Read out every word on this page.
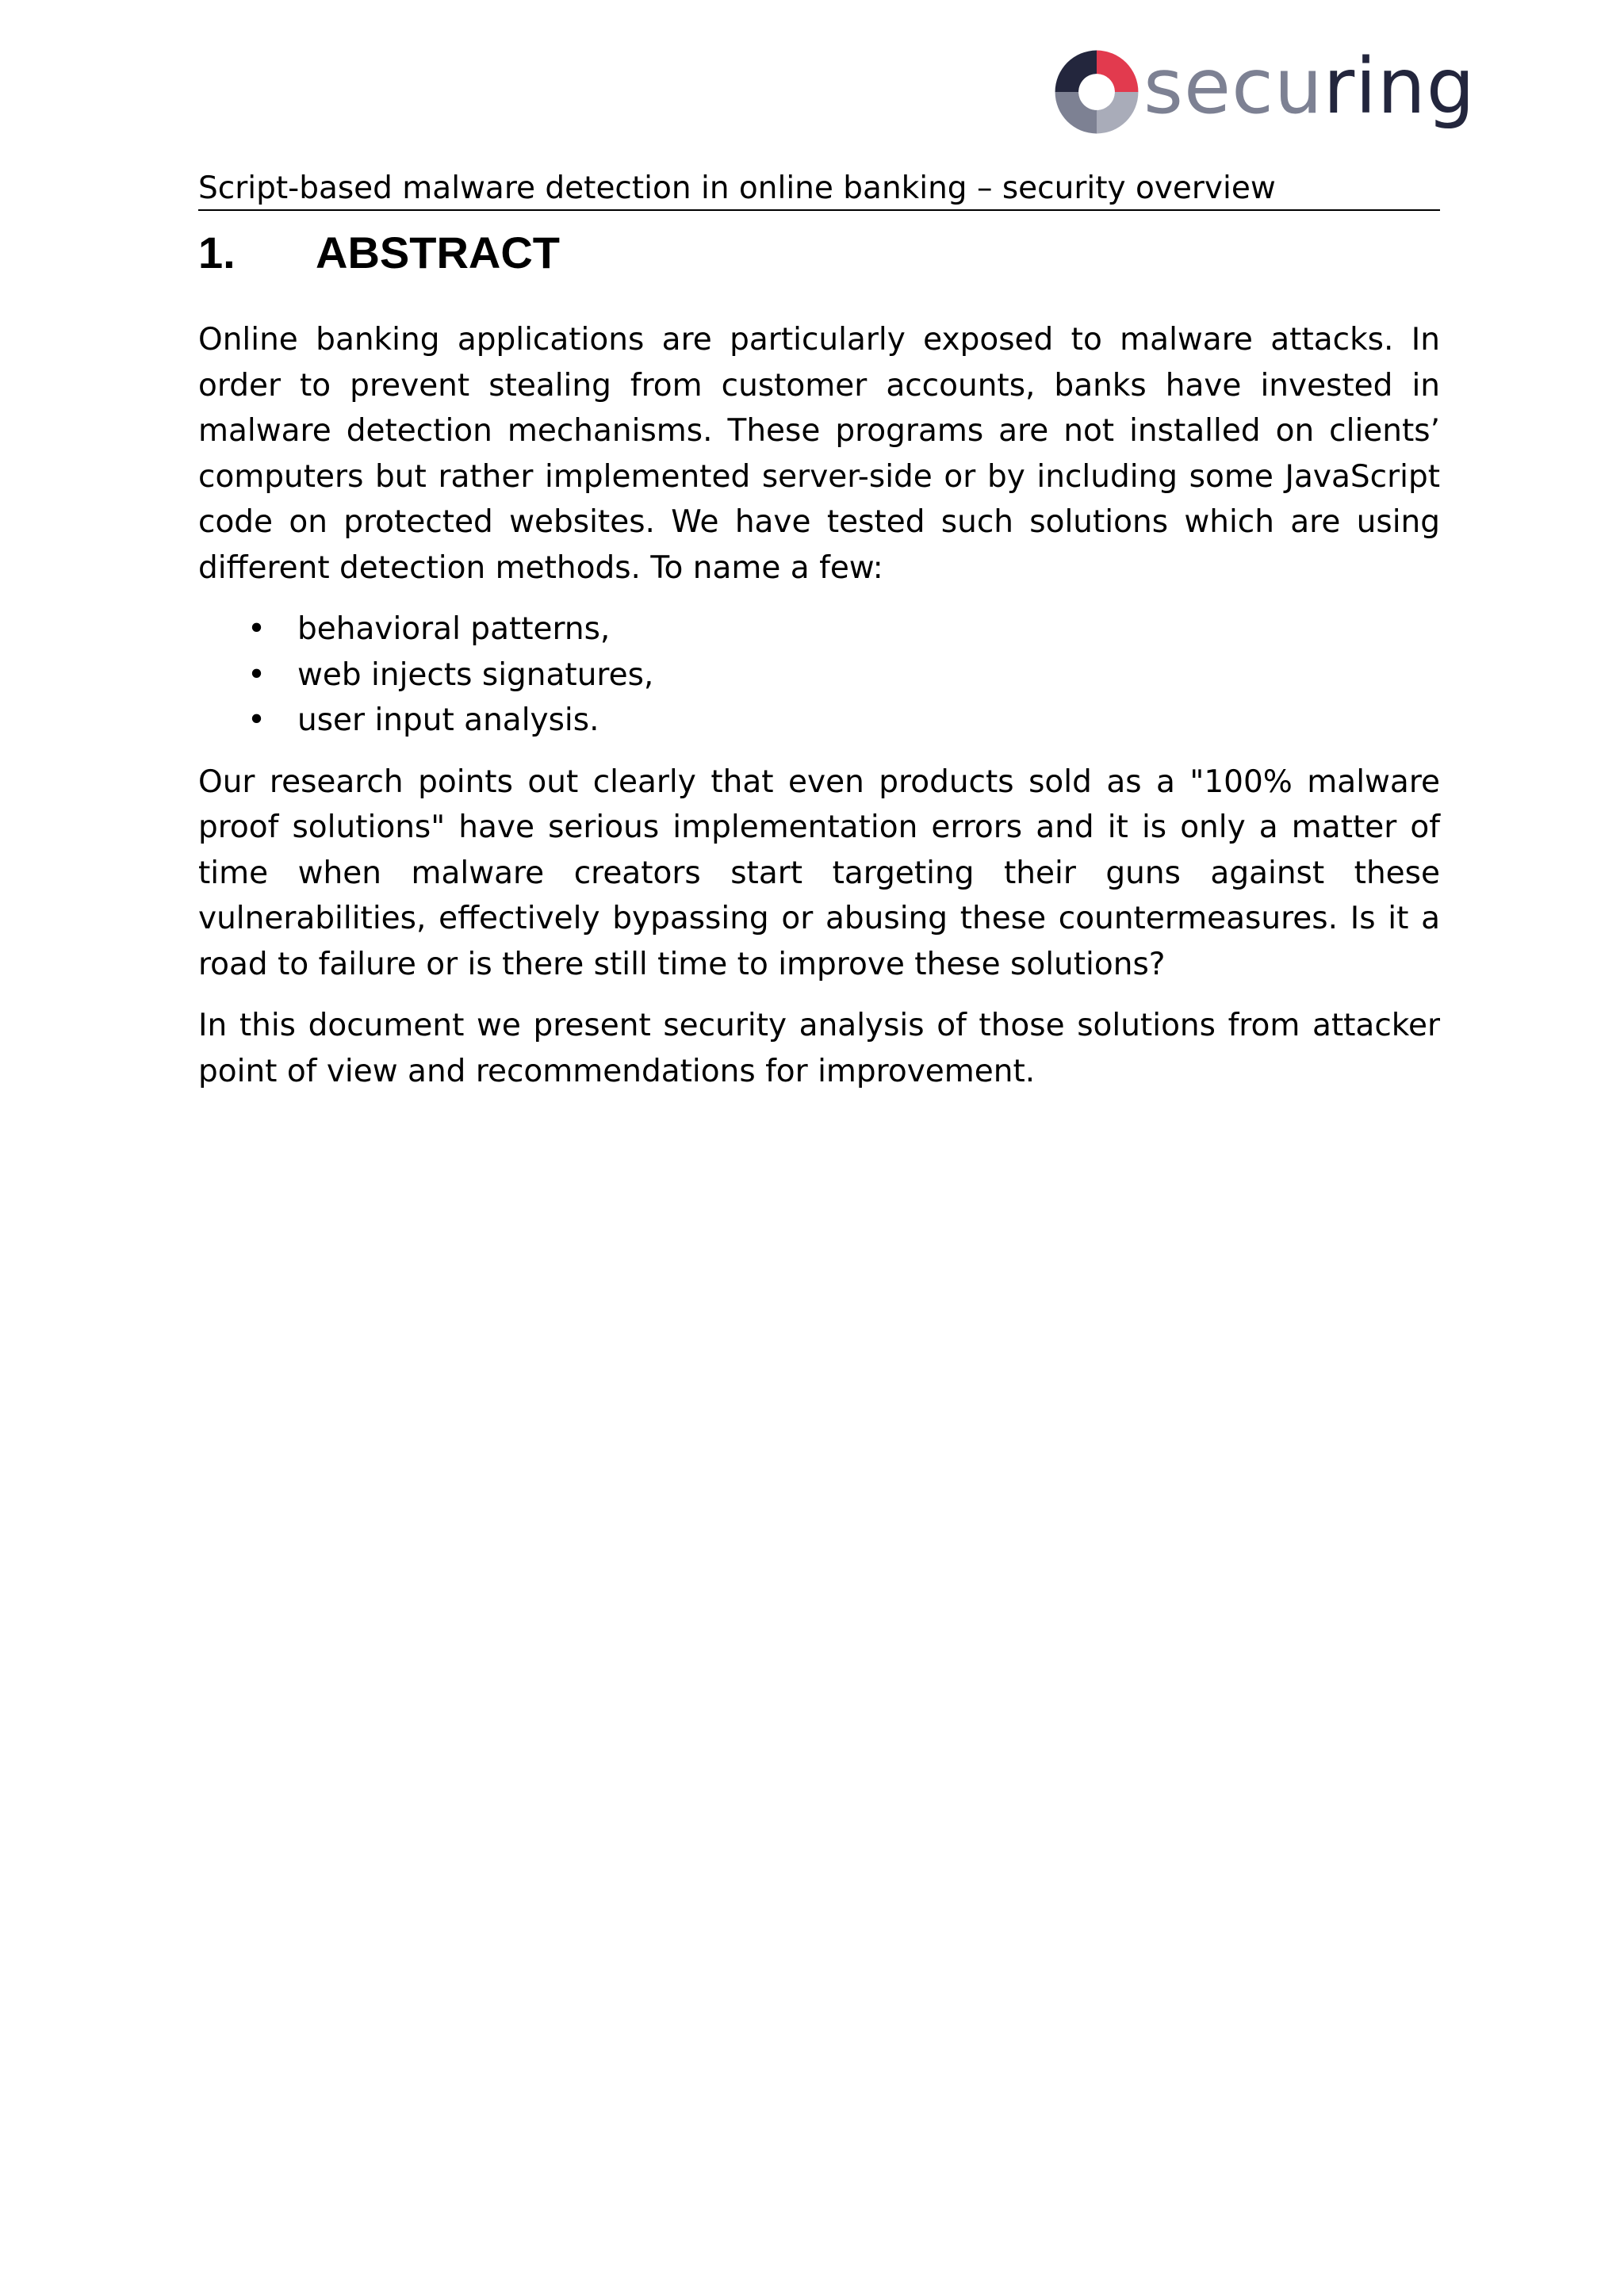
securing
Script-based malware detection in online banking – security overview
1.	ABSTRACT

Online banking applications are particularly exposed to malware attacks. In order to prevent stealing from customer accounts, banks have invested in malware detection mechanisms. These programs are not installed on clients’ computers but rather implemented server-side or by including some JavaScript code on protected websites. We have tested such solutions which are using different detection methods. To name a few:

• behavioral patterns,
• web injects signatures,
• user input analysis.

Our research points out clearly that even products sold as a "100% malware proof solutions" have serious implementation errors and it is only a matter of time when malware creators start targeting their guns against these vulnerabilities, effectively bypassing or abusing these countermeasures. Is it a road to failure or is there still time to improve these solutions?

In this document we present security analysis of those solutions from attacker point of view and recommendations for improvement.
